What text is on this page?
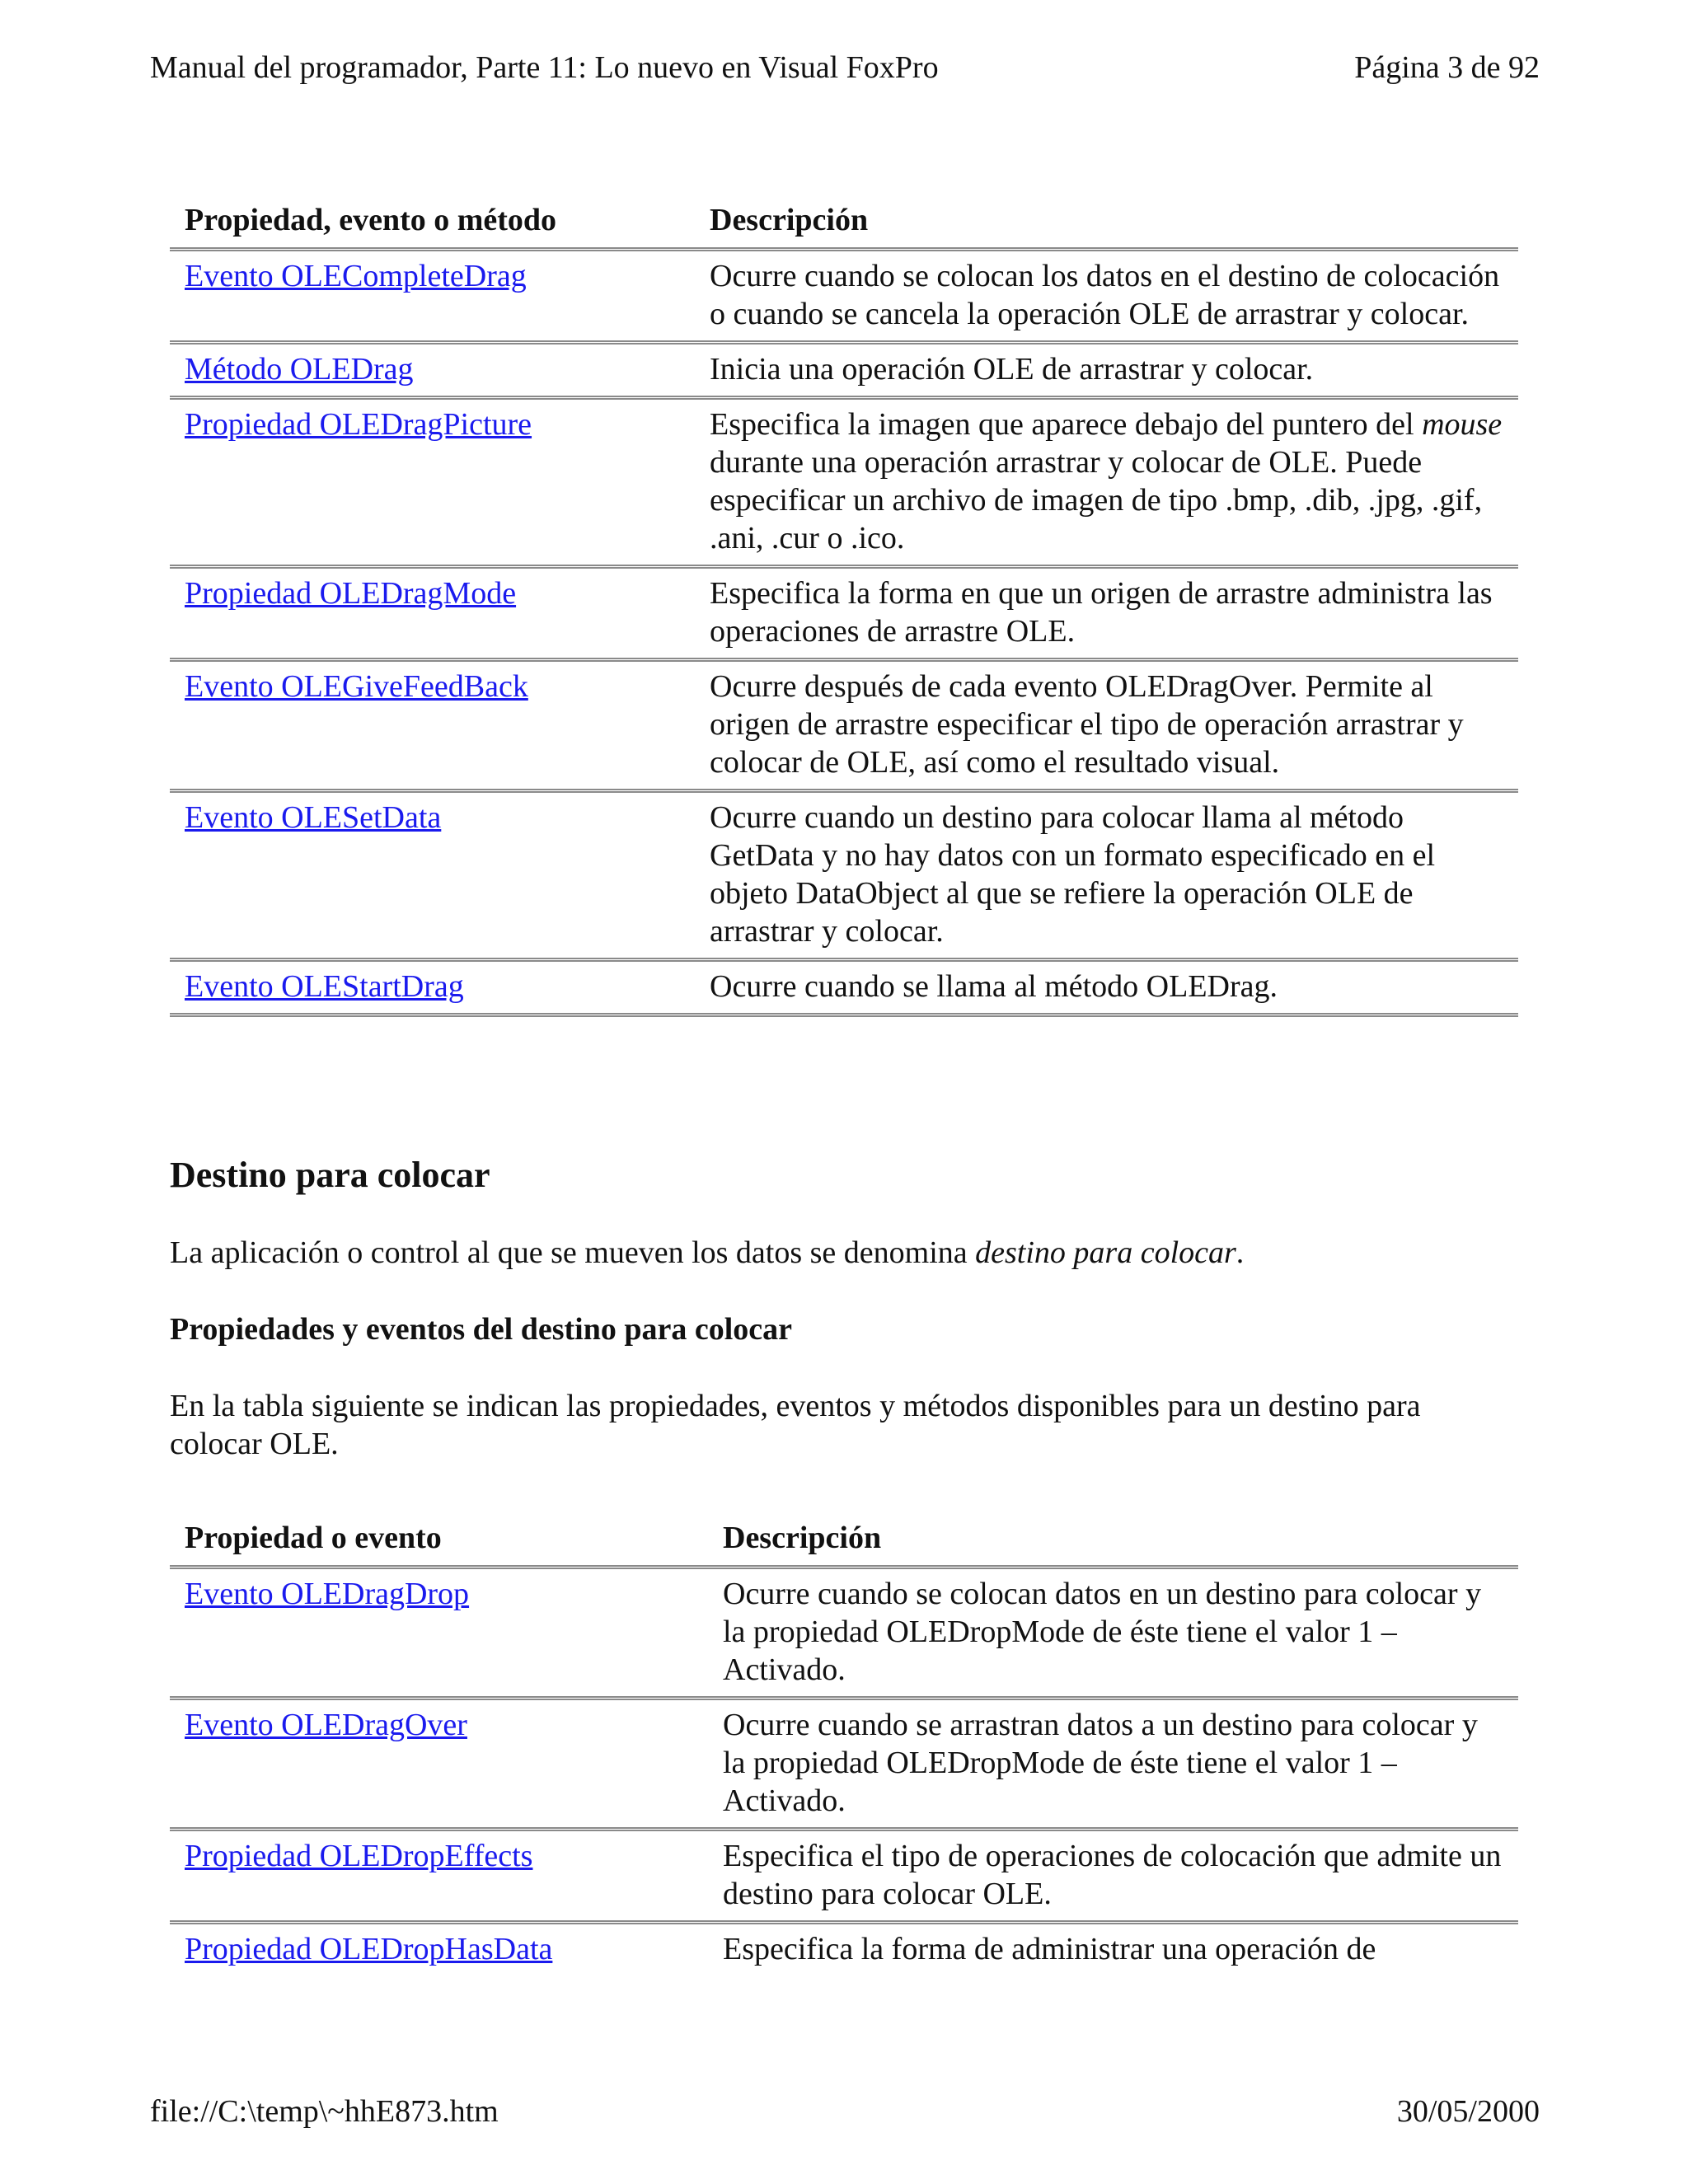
Manual del programador, Parte 11: Lo nuevo en Visual FoxPro	Página 3 de 92
Propiedad, evento o método	Descripción
Evento OLECompleteDrag	Ocurre cuando se colocan los datos en el destino de colocación o cuando se cancela la operación OLE de arrastrar y colocar.
Método OLEDrag	Inicia una operación OLE de arrastrar y colocar.
Propiedad OLEDragPicture	Especifica la imagen que aparece debajo del puntero del mouse durante una operación arrastrar y colocar de OLE. Puede especificar un archivo de imagen de tipo .bmp, .dib, .jpg, .gif, .ani, .cur o .ico.
Propiedad OLEDragMode	Especifica la forma en que un origen de arrastre administra las operaciones de arrastre OLE.
Evento OLEGiveFeedBack	Ocurre después de cada evento OLEDragOver. Permite al origen de arrastre especificar el tipo de operación arrastrar y colocar de OLE, así como el resultado visual.
Evento OLESetData	Ocurre cuando un destino para colocar llama al método GetData y no hay datos con un formato especificado en el objeto DataObject al que se refiere la operación OLE de arrastrar y colocar.
Evento OLEStartDrag	Ocurre cuando se llama al método OLEDrag.
Destino para colocar

La aplicación o control al que se mueven los datos se denomina destino para colocar.

Propiedades y eventos del destino para colocar

En la tabla siguiente se indican las propiedades, eventos y métodos disponibles para un destino para colocar OLE.

Propiedad o evento	Descripción
Evento OLEDragDrop	Ocurre cuando se colocan datos en un destino para colocar y la propiedad OLEDropMode de éste tiene el valor 1 – Activado.
Evento OLEDragOver	Ocurre cuando se arrastran datos a un destino para colocar y la propiedad OLEDropMode de éste tiene el valor 1 – Activado.
Propiedad OLEDropEffects	Especifica el tipo de operaciones de colocación que admite un destino para colocar OLE.
Propiedad OLEDropHasData	Especifica la forma de administrar una operación de
file://C:\temp\~hhE873.htm	30/05/2000
